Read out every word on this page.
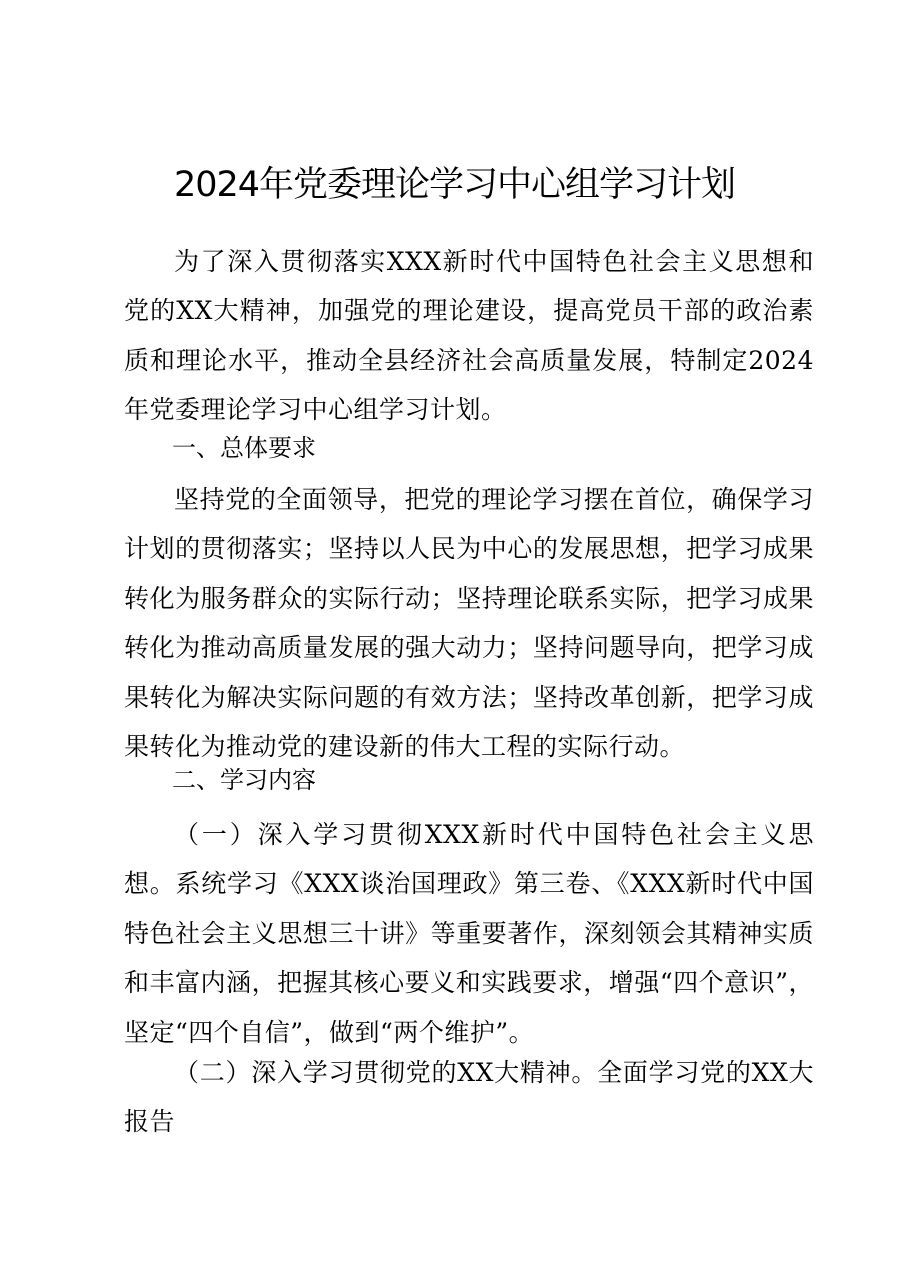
2024年党委理论学习中心组学习计划

为了深入贯彻落实XXX新时代中国特色社会主义思想和党的XX大精神，加强党的理论建设，提高党员干部的政治素质和理论水平，推动全县经济社会高质量发展，特制定2024年党委理论学习中心组学习计划。

一、总体要求

坚持党的全面领导，把党的理论学习摆在首位，确保学习计划的贯彻落实；坚持以人民为中心的发展思想，把学习成果转化为服务群众的实际行动；坚持理论联系实际，把学习成果转化为推动高质量发展的强大动力；坚持问题导向，把学习成果转化为解决实际问题的有效方法；坚持改革创新，把学习成果转化为推动党的建设新的伟大工程的实际行动。

二、学习内容

（一）深入学习贯彻XXX新时代中国特色社会主义思想。系统学习《XXX谈治国理政》第三卷、《XXX新时代中国特色社会主义思想三十讲》等重要著作，深刻领会其精神实质和丰富内涵，把握其核心要义和实践要求，增强“四个意识”，坚定“四个自信”，做到“两个维护”。

（二）深入学习贯彻党的XX大精神。全面学习党的XX大报告
